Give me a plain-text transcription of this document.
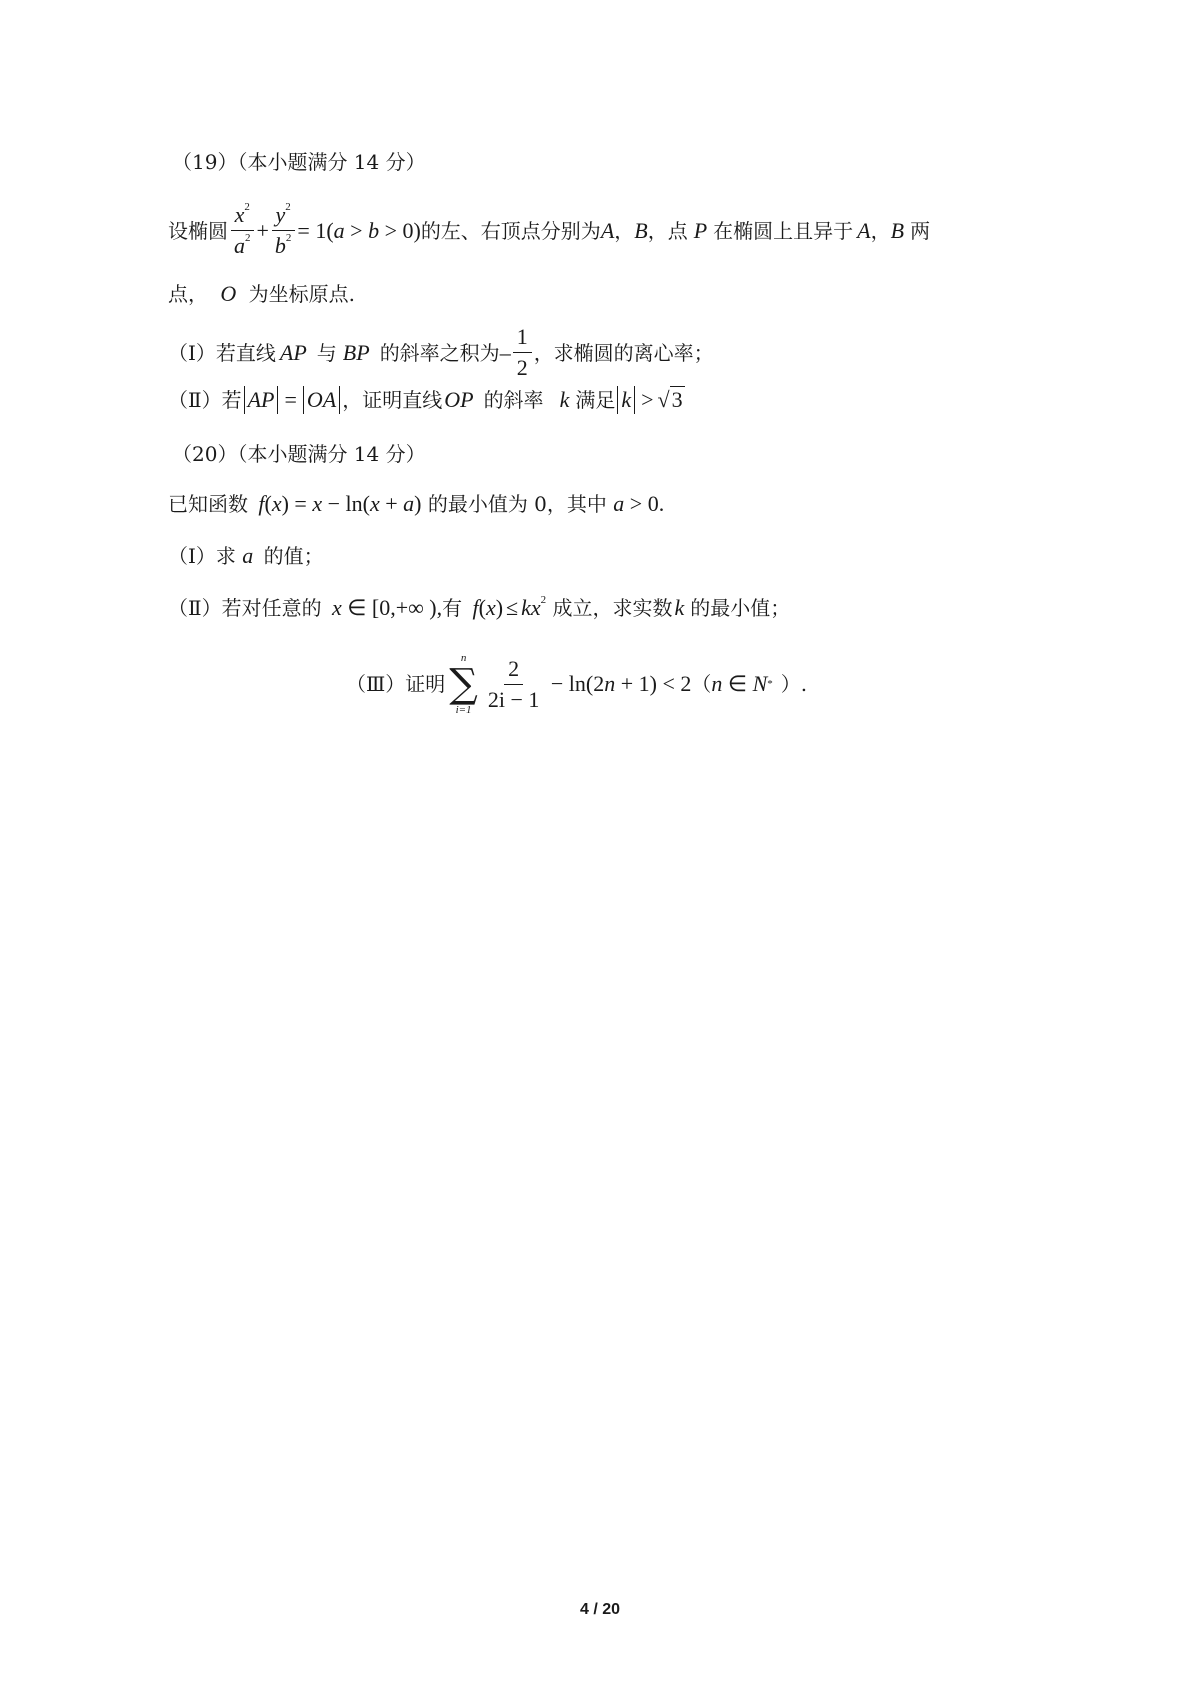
（19）（本小题满分 14 分）
设椭圆 $\frac{x^2}{a^2} + \frac{y^2}{b^2} = 1$( a > b > 0) 的左、右顶点分别为 A ， B ， 点 P 在椭圆上且异于 A ， B 两
点， O 为坐标原点.
（Ⅰ）若直线 AP 与 BP 的斜率之积为 – $\frac{1}{2}$ ，求椭圆的离心率；
（Ⅱ）若 AP = OA ，证明直线 OP 的斜率 k 满足 k > √3
（20）（本小题满分 14 分）
已知函数 f(x) = x − ln(x + a) 的最小值为 0，其中 a > 0.
（Ⅰ）求 a 的值；
（Ⅱ）若对任意的 x ∈ [0,+∞ ),有 $f(x) \le kx^2$ 成立，求实数k 的最小值；
（Ⅲ）证明
n
∑
$i=1 \frac{2}{2i - 1} - \ln(2$ n + 1) < 2 （ n ∈ N * ）.
4 / 20
